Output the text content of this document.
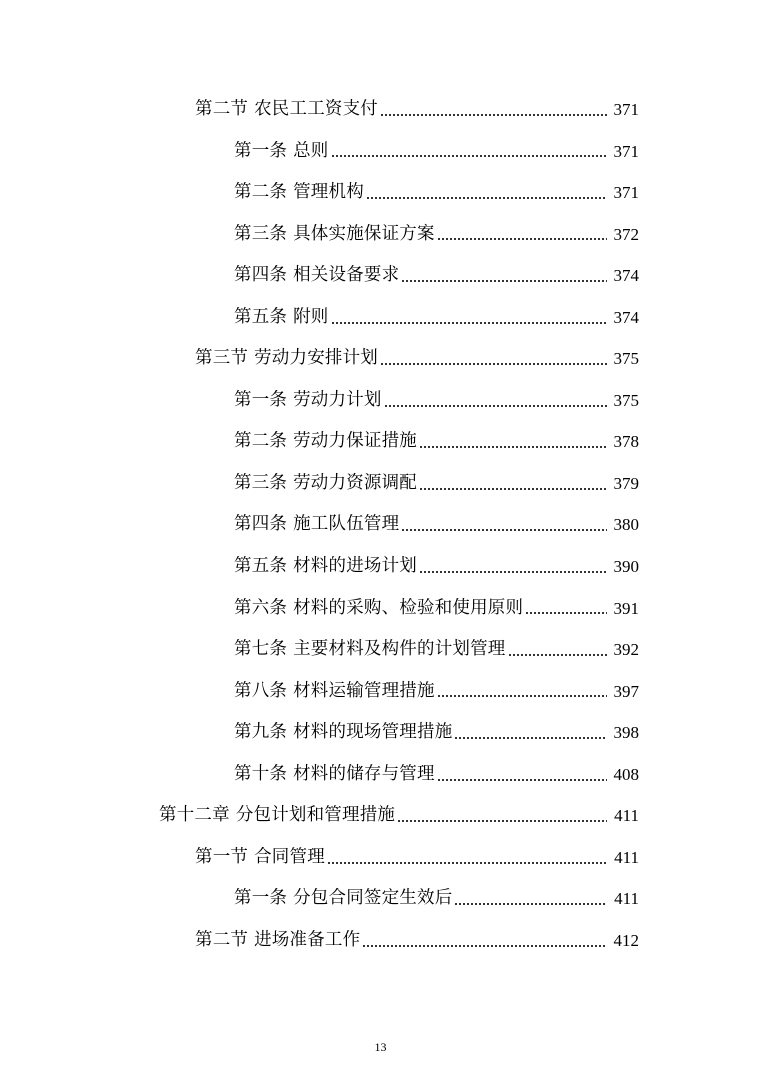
第二节 农民工工资支付	371
第一条 总则	371
第二条 管理机构	371
第三条 具体实施保证方案	372
第四条 相关设备要求	374
第五条 附则	374
第三节 劳动力安排计划	375
第一条 劳动力计划	375
第二条 劳动力保证措施	378
第三条 劳动力资源调配	379
第四条 施工队伍管理	380
第五条 材料的进场计划	390
第六条 材料的采购、检验和使用原则	391
第七条 主要材料及构件的计划管理	392
第八条 材料运输管理措施	397
第九条 材料的现场管理措施	398
第十条 材料的储存与管理	408
第十二章 分包计划和管理措施	411
第一节 合同管理	411
第一条 分包合同签定生效后	411
第二节 进场准备工作	412
13
